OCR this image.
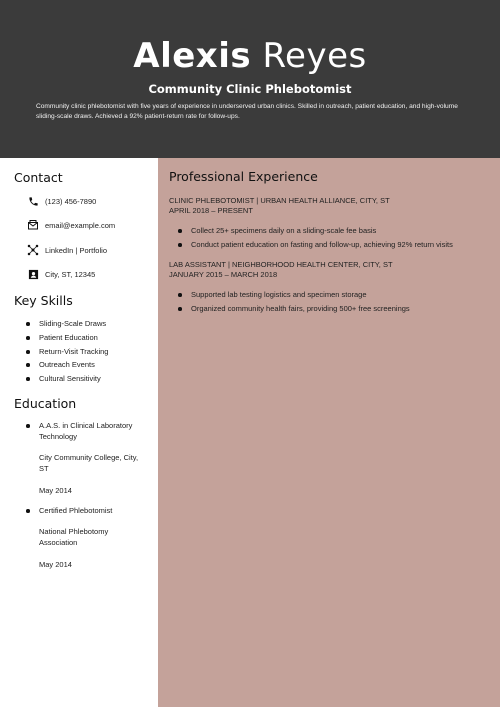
Alexis Reyes
Community Clinic Phlebotomist
Community clinic phlebotomist with five years of experience in underserved urban clinics. Skilled in outreach, patient education, and high-volume sliding-scale draws. Achieved a 92% patient-return rate for follow-ups.
Contact
(123) 456-7890
email@example.com
LinkedIn | Portfolio
City, ST, 12345
Key Skills
Sliding-Scale Draws
Patient Education
Return-Visit Tracking
Outreach Events
Cultural Sensitivity
Education
A.A.S. in Clinical Laboratory
Technology
City Community College, City,
ST
May 2014
Certified Phlebotomist
National Phlebotomy
Association
May 2014
Professional Experience
CLINIC PHLEBOTOMIST | URBAN HEALTH ALLIANCE, CITY, ST
APRIL 2018 – PRESENT
Collect 25+ specimens daily on a sliding-scale fee basis
Conduct patient education on fasting and follow-up, achieving 92% return visits
LAB ASSISTANT | NEIGHBORHOOD HEALTH CENTER, CITY, ST
JANUARY 2015 – MARCH 2018
Supported lab testing logistics and specimen storage
Organized community health fairs, providing 500+ free screenings
